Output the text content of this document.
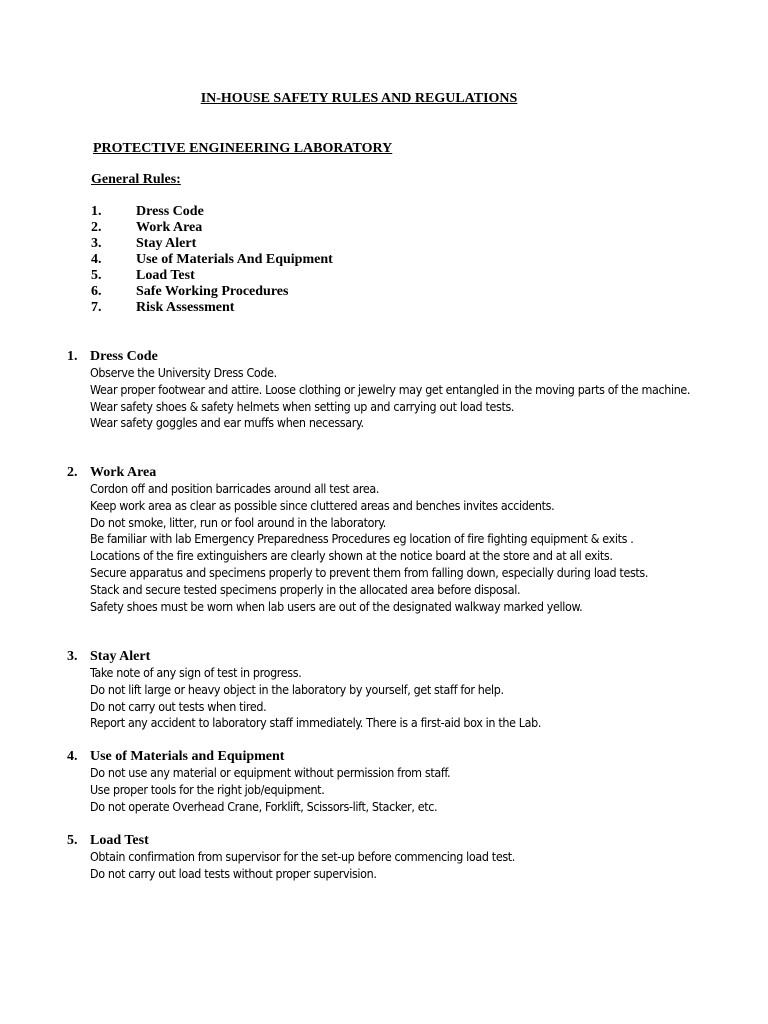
IN-HOUSE SAFETY RULES AND REGULATIONS
PROTECTIVE ENGINEERING LABORATORY
General Rules:
1. Dress Code
2. Work Area
3. Stay Alert
4. Use of Materials And Equipment
5. Load Test
6. Safe Working Procedures
7. Risk Assessment
1. Dress Code
Observe the University Dress Code.
Wear proper footwear and attire. Loose clothing or jewelry may get entangled in the moving parts of the machine.
Wear safety shoes & safety helmets when setting up and carrying out load tests.
Wear safety goggles and ear muffs when necessary.
2. Work Area
Cordon off and position barricades around all test area.
Keep work area as clear as possible since cluttered areas and benches invites accidents.
Do not smoke, litter, run or fool around in the laboratory.
Be familiar with lab Emergency Preparedness Procedures eg location of fire fighting equipment & exits .
Locations of the fire extinguishers are clearly shown at the notice board at the store and at all exits.
Secure apparatus and specimens properly to prevent them from falling down, especially during load tests.
Stack and secure tested specimens properly in the allocated area before disposal.
Safety shoes must be worn when lab users are out of the designated walkway marked yellow.
3. Stay Alert
Take note of any sign of test in progress.
Do not lift large or heavy object in the laboratory by yourself, get staff for help.
Do not carry out tests when tired.
Report any accident to laboratory staff immediately. There is a first-aid box in the Lab.
4. Use of Materials and Equipment
Do not use any material or equipment without permission from staff.
Use proper tools for the right job/equipment.
Do not operate Overhead Crane, Forklift, Scissors-lift, Stacker, etc.
5. Load Test
Obtain confirmation from supervisor for the set-up before commencing load test.
Do not carry out load tests without proper supervision.
